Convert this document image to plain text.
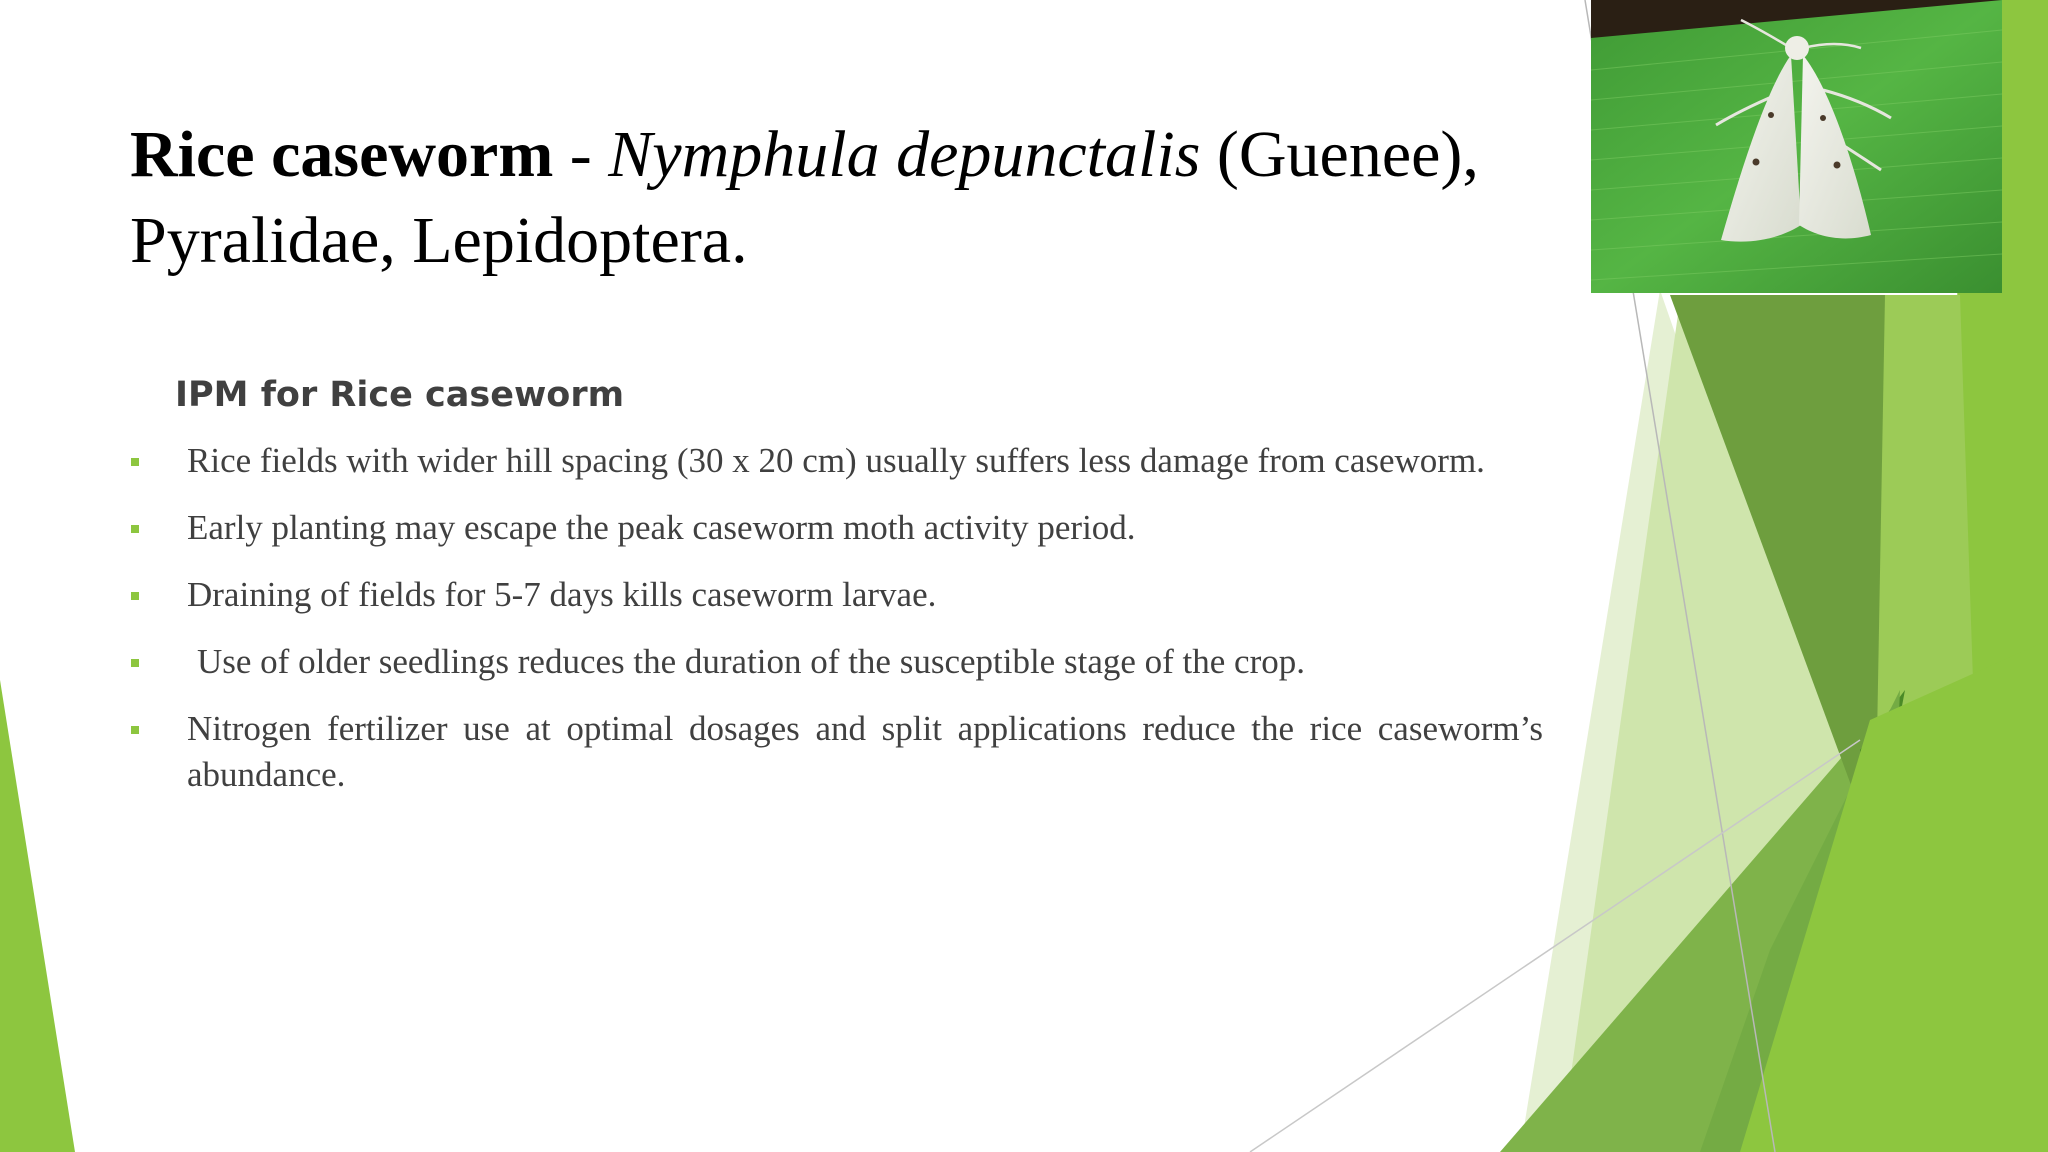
Rice caseworm - Nymphula depunctalis (Guenee),
Pyralidae, Lepidoptera.
IPM for Rice caseworm
Rice fields with wider hill spacing (30 x 20 cm) usually suffers less damage from caseworm.
Early planting may escape the peak caseworm moth activity period.
Draining of fields for 5-7 days kills caseworm larvae.
Use of older seedlings reduces the duration of the susceptible stage of the crop.
Nitrogen fertilizer use at optimal dosages and split applications reduce the rice caseworm’s abundance.
